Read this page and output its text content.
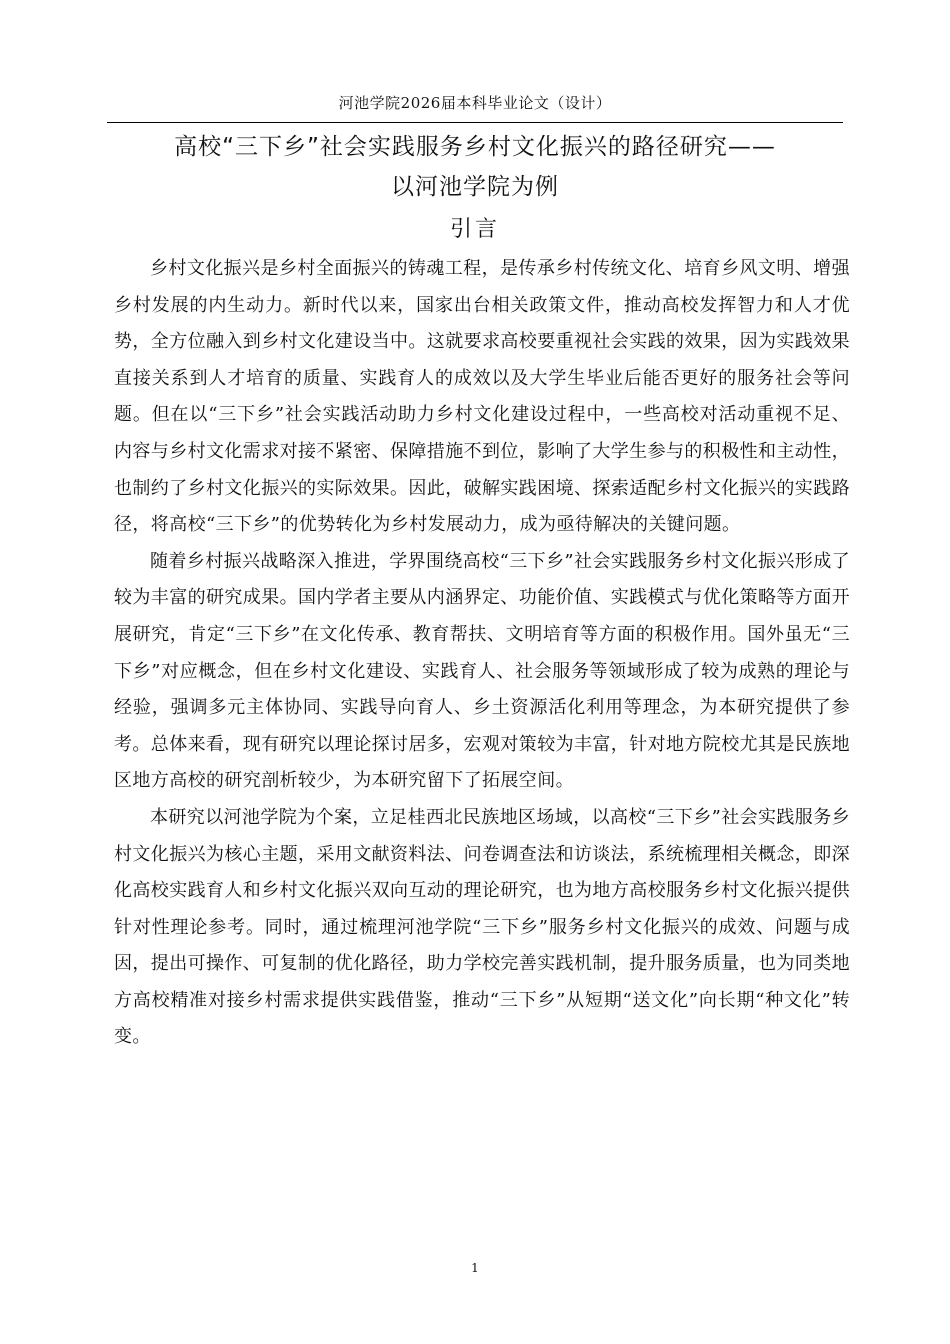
河池学院2026届本科毕业论文（设计）
高校“三下乡”社会实践服务乡村文化振兴的路径研究——
以河池学院为例
引言

乡村文化振兴是乡村全面振兴的铸魂工程，是传承乡村传统文化、培育乡风文明、增强乡村发展的内生动力。新时代以来，国家出台相关政策文件，推动高校发挥智力和人才优势，全方位融入到乡村文化建设当中。这就要求高校要重视社会实践的效果，因为实践效果直接关系到人才培育的质量、实践育人的成效以及大学生毕业后能否更好的服务社会等问题。但在以“三下乡”社会实践活动助力乡村文化建设过程中，一些高校对活动重视不足、内容与乡村文化需求对接不紧密、保障措施不到位，影响了大学生参与的积极性和主动性，也制约了乡村文化振兴的实际效果。因此，破解实践困境、探索适配乡村文化振兴的实践路径，将高校“三下乡”的优势转化为乡村发展动力，成为亟待解决的关键问题。

随着乡村振兴战略深入推进，学界围绕高校“三下乡”社会实践服务乡村文化振兴形成了较为丰富的研究成果。国内学者主要从内涵界定、功能价值、实践模式与优化策略等方面开展研究，肯定“三下乡”在文化传承、教育帮扶、文明培育等方面的积极作用。国外虽无“三下乡”对应概念，但在乡村文化建设、实践育人、社会服务等领域形成了较为成熟的理论与经验，强调多元主体协同、实践导向育人、乡土资源活化利用等理念，为本研究提供了参考。总体来看，现有研究以理论探讨居多，宏观对策较为丰富，针对地方院校尤其是民族地区地方高校的研究剖析较少，为本研究留下了拓展空间。

本研究以河池学院为个案，立足桂西北民族地区场域，以高校“三下乡”社会实践服务乡村文化振兴为核心主题，采用文献资料法、问卷调查法和访谈法，系统梳理相关概念，即深化高校实践育人和乡村文化振兴双向互动的理论研究，也为地方高校服务乡村文化振兴提供针对性理论参考。同时，通过梳理河池学院“三下乡”服务乡村文化振兴的成效、问题与成因，提出可操作、可复制的优化路径，助力学校完善实践机制，提升服务质量，也为同类地方高校精准对接乡村需求提供实践借鉴，推动“三下乡”从短期“送文化”向长期“种文化”转变。

1
